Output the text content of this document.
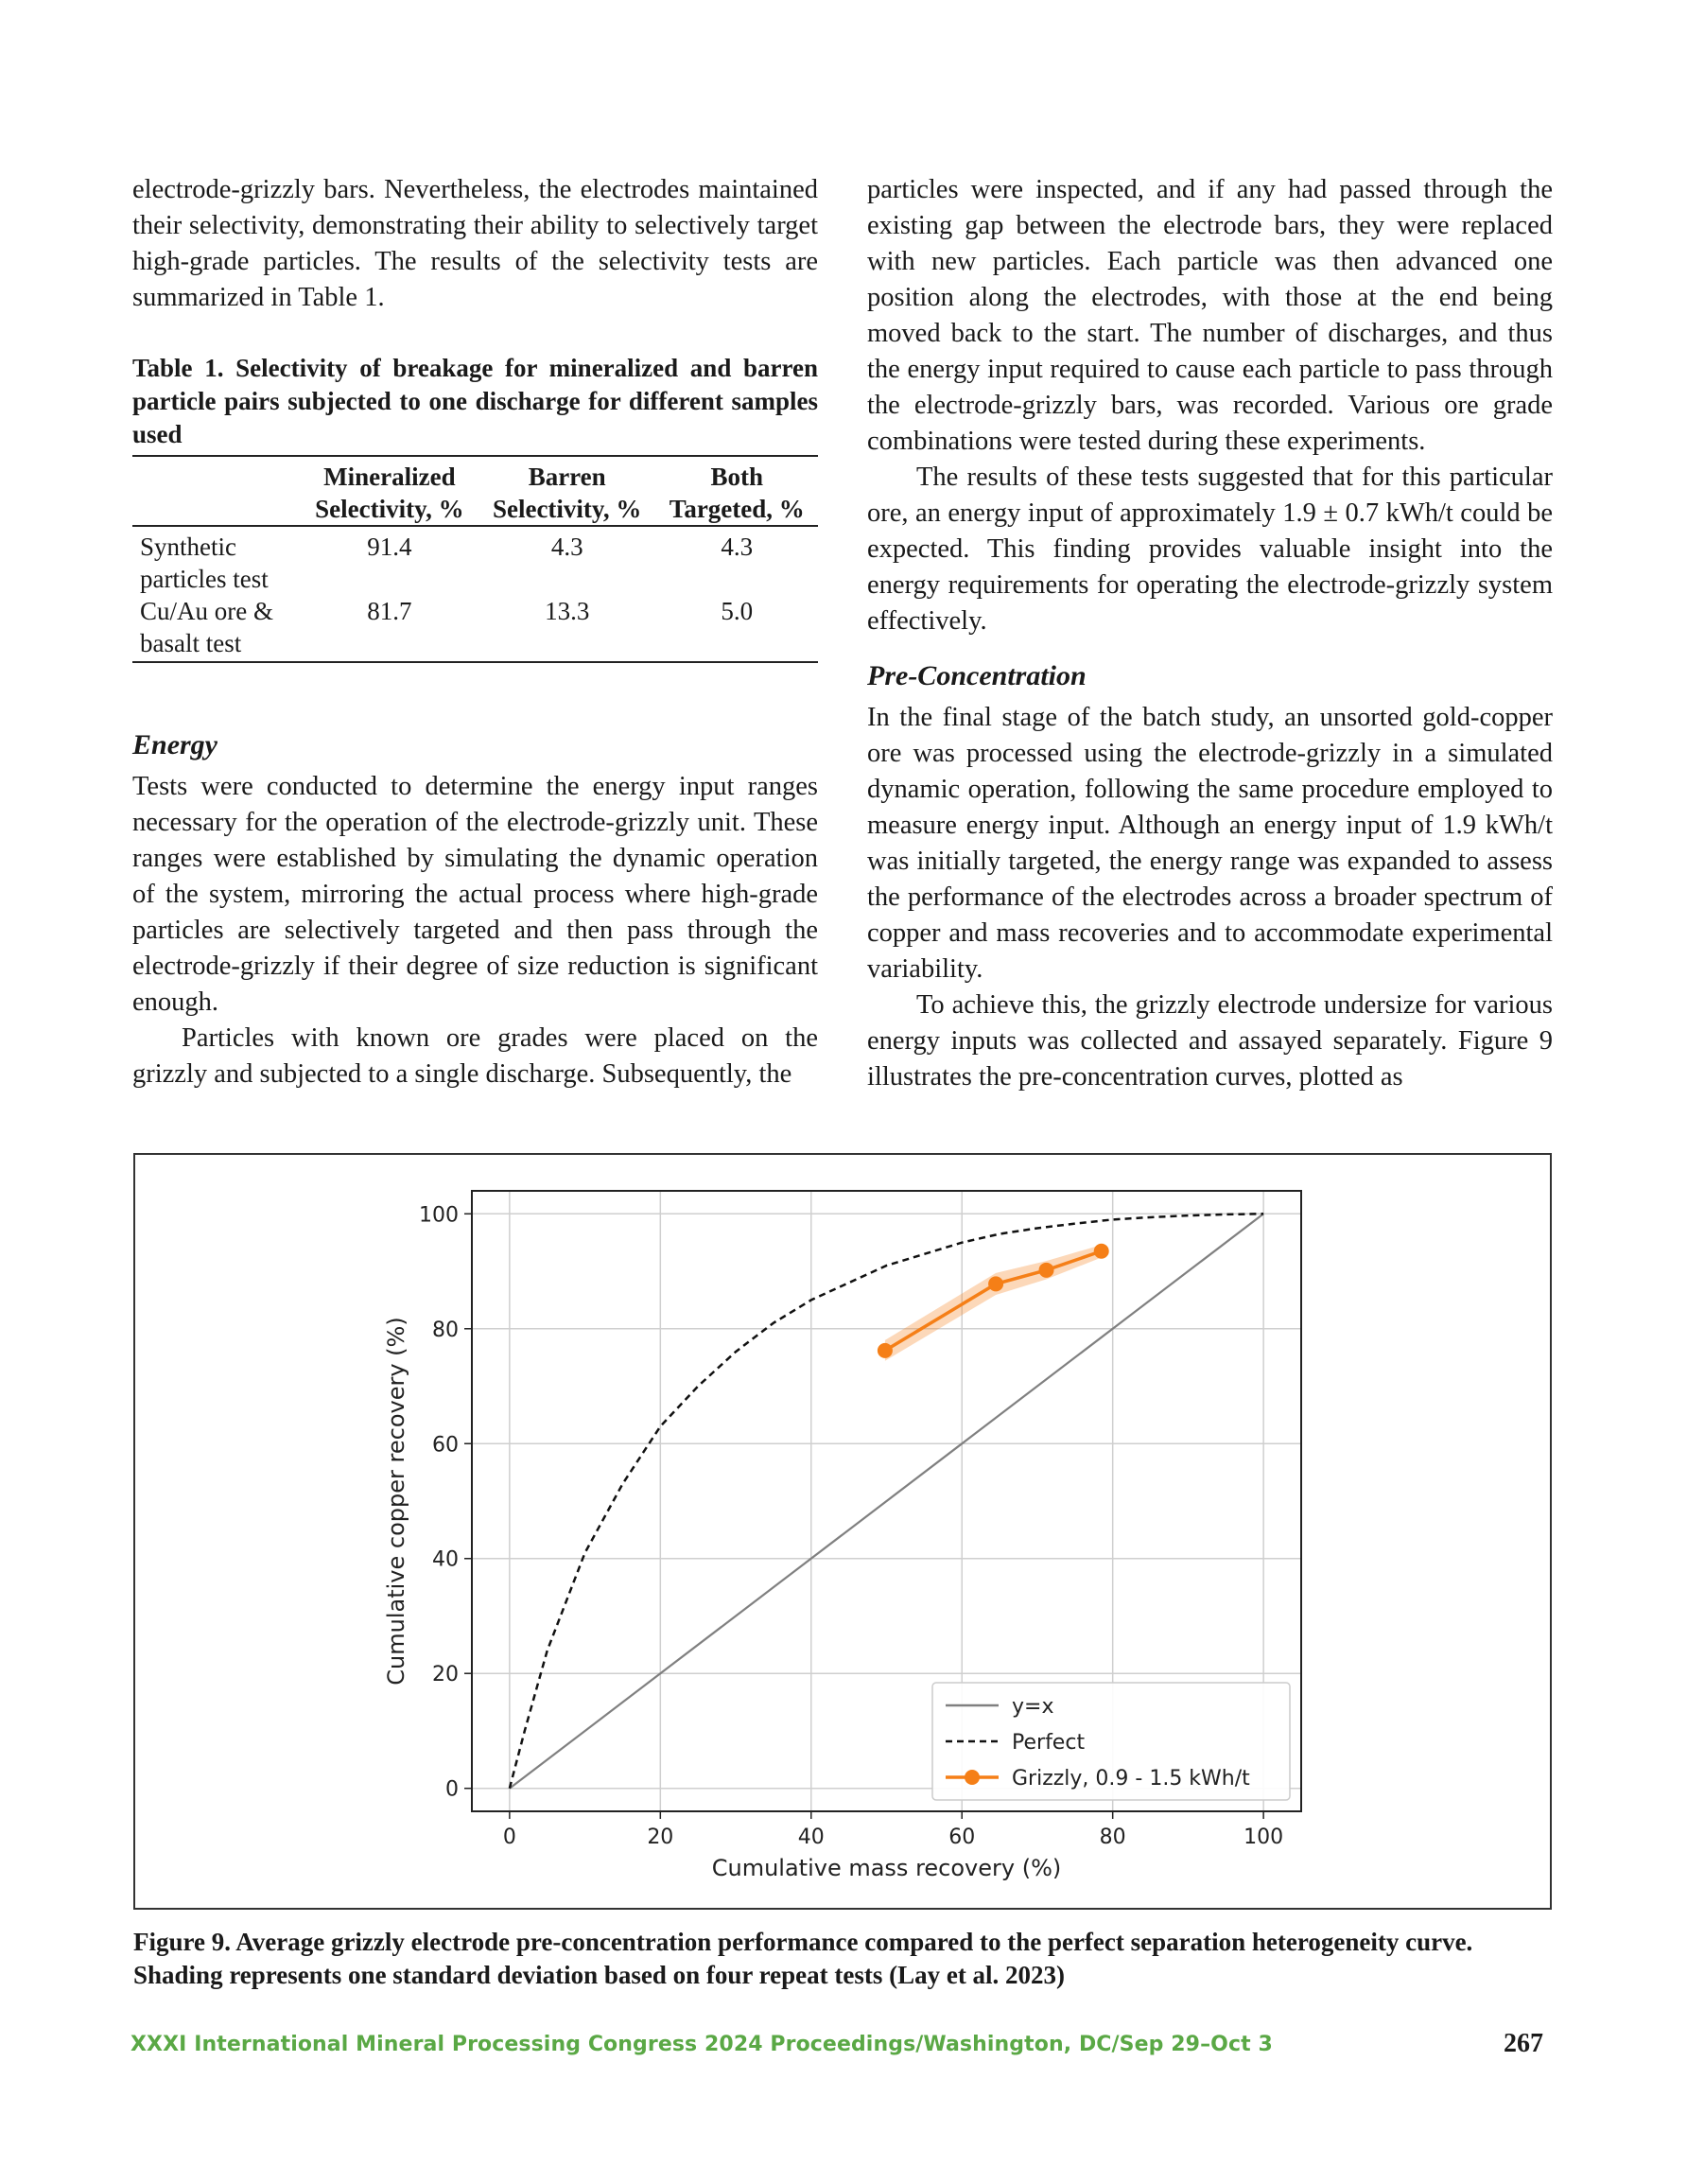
electrode-grizzly bars. Nevertheless, the electrodes maintained their selectivity, demonstrating their ability to selectively target high-grade particles. The results of the selectivity tests are summarized in Table 1.

Table 1. Selectivity of breakage for mineralized and barren particle pairs subjected to one discharge for different samples used

	Mineralized	Barren	Both
	Selectivity, %	Selectivity, %	Targeted, %
Synthetic particles test	91.4	4.3	4.3
Cu/Au ore & basalt test	81.7	13.3	5.0

Energy

Tests were conducted to determine the energy input ranges necessary for the operation of the electrode-grizzly unit. These ranges were established by simulating the dynamic operation of the system, mirroring the actual process where high-grade particles are selectively targeted and then pass through the electrode-grizzly if their degree of size reduction is significant enough.

Particles with known ore grades were placed on the grizzly and subjected to a single discharge. Subsequently, the

particles were inspected, and if any had passed through the existing gap between the electrode bars, they were replaced with new particles. Each particle was then advanced one position along the electrodes, with those at the end being moved back to the start. The number of discharges, and thus the energy input required to cause each particle to pass through the electrode-grizzly bars, was recorded. Various ore grade combinations were tested during these experiments.

The results of these tests suggested that for this particular ore, an energy input of approximately 1.9 ± 0.7 kWh/t could be expected. This finding provides valuable insight into the energy requirements for operating the electrode-grizzly system effectively.

Pre-Concentration

In the final stage of the batch study, an unsorted gold-copper ore was processed using the electrode-grizzly in a simulated dynamic operation, following the same procedure employed to measure energy input. Although an energy input of 1.9 kWh/t was initially targeted, the energy range was expanded to assess the performance of the electrodes across a broader spectrum of copper and mass recoveries and to accommodate experimental variability.

To achieve this, the grizzly electrode undersize for various energy inputs was collected and assayed separately. Figure 9 illustrates the pre-concentration curves, plotted as

0	20	40	60	80	100
0
20
40
60
80
100
Cumulative mass recovery (%)
Cumulative copper recovery (%)
y=x
Perfect
Grizzly, 0.9 - 1.5 kWh/t
Figure 9. Average grizzly electrode pre-concentration performance compared to the perfect separation heterogeneity curve. Shading represents one standard deviation based on four repeat tests (Lay et al. 2023)
XXXI International Mineral Processing Congress 2024 Proceedings/Washington, DC/Sep 29–Oct 3	267
